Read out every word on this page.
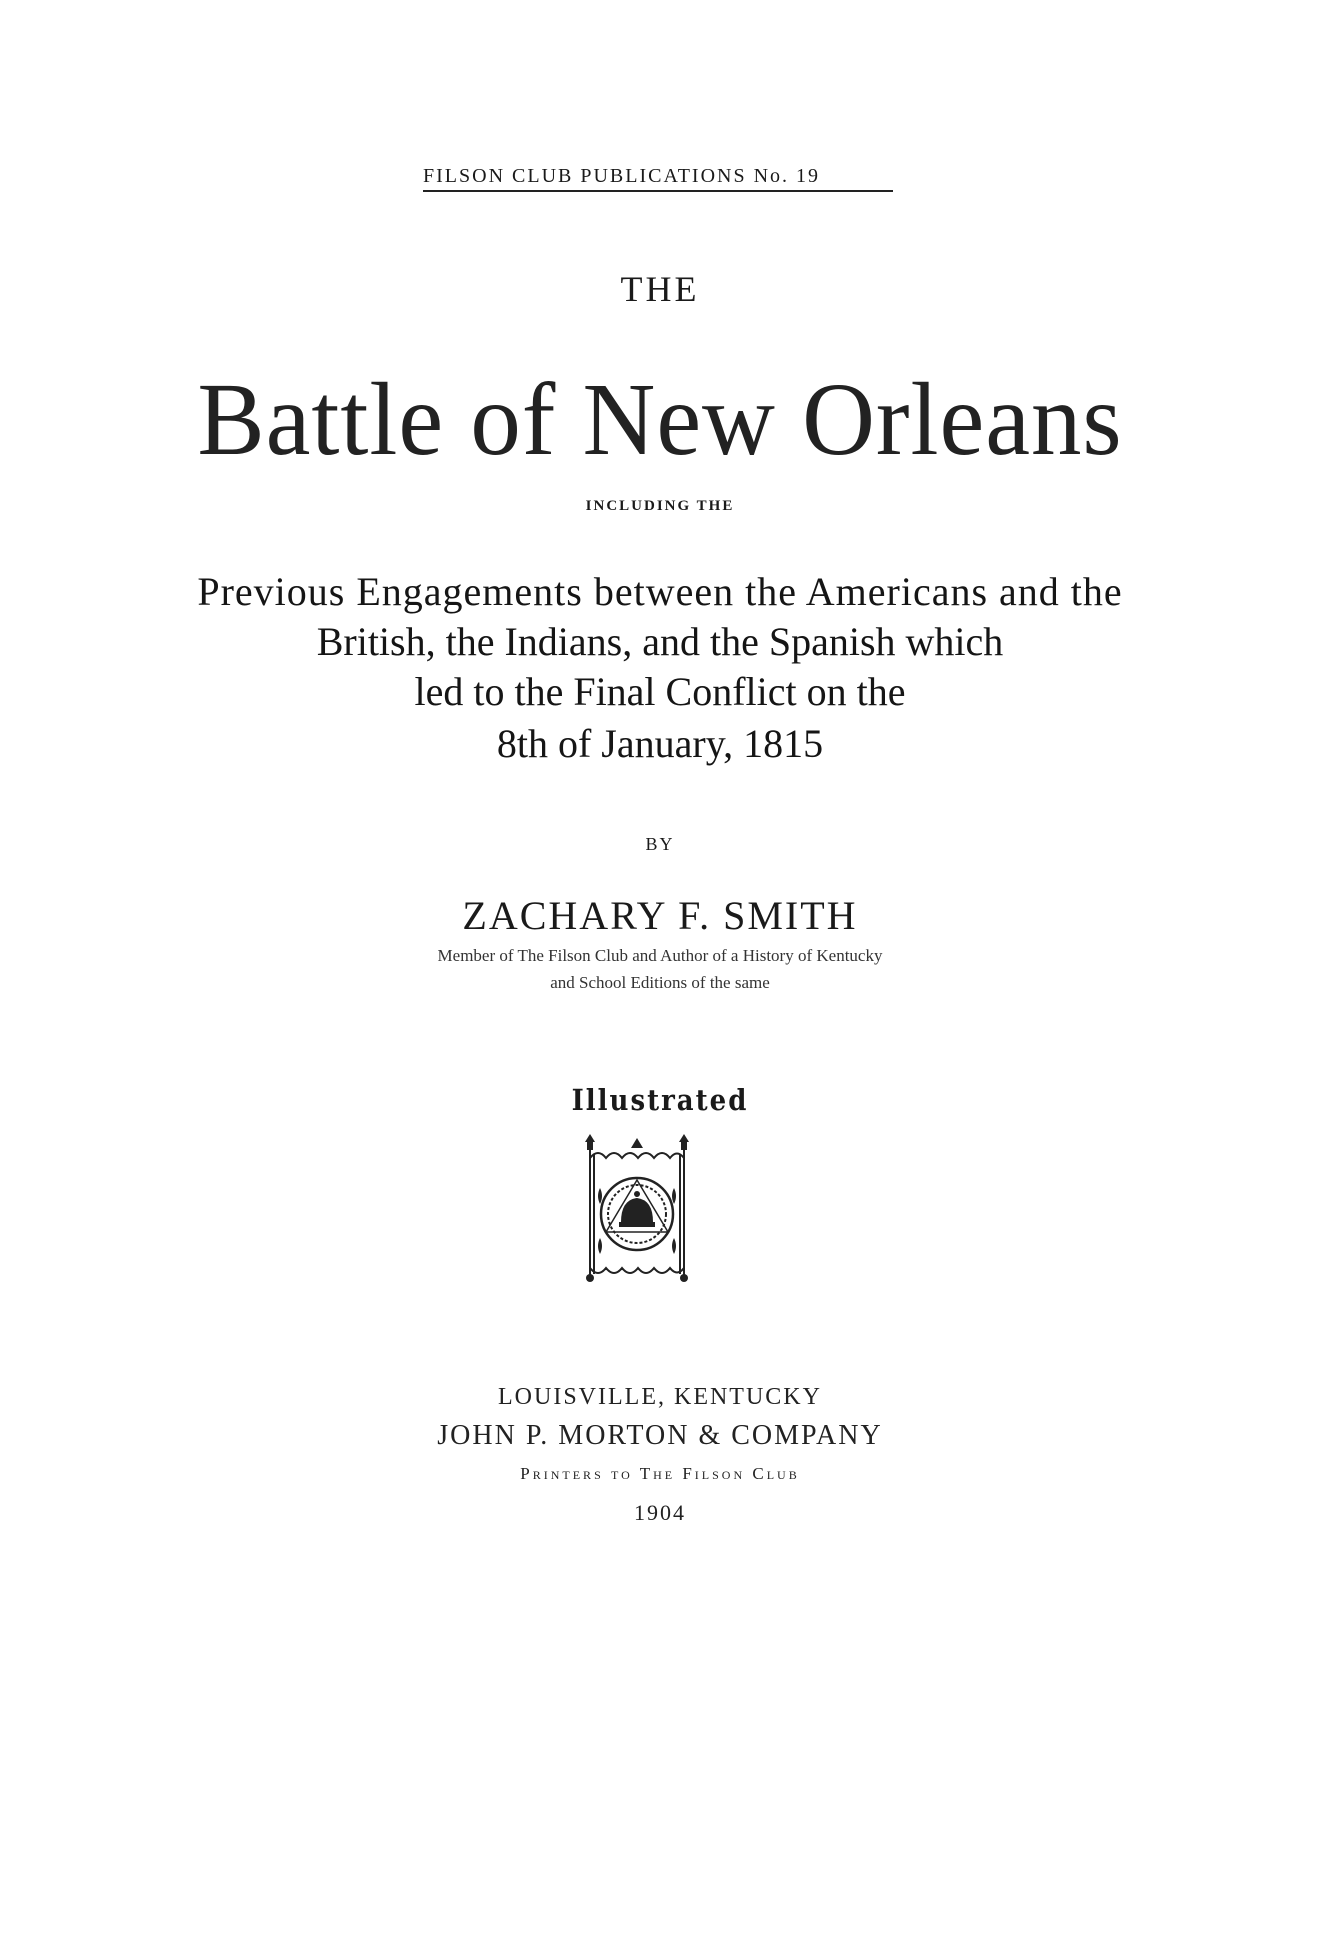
FILSON CLUB PUBLICATIONS No. 19
THE
Battle of New Orleans
INCLUDING THE
Previous Engagements between the Americans and the
British, the Indians, and the Spanish which
led to the Final Conflict on the
8th of January, 1815
BY
ZACHARY F. SMITH
Member of The Filson Club and Author of a History of Kentucky
and School Editions of the same
Illustrated
LOUISVILLE, KENTUCKY
JOHN P. MORTON & COMPANY
Printers to The Filson Club
1904
